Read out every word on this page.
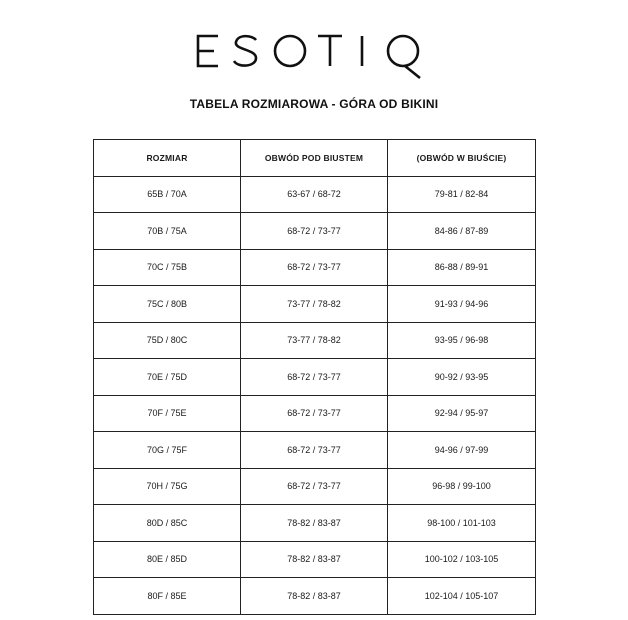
TABELA ROZMIAROWA - GÓRA OD BIKINI
ROZMIAR	OBWÓD POD BIUSTEM	(OBWÓD W BIUŚCIE)
65B / 70A	63-67 / 68-72	79-81 / 82-84
70B / 75A	68-72 / 73-77	84-86 / 87-89
70C / 75B	68-72 / 73-77	86-88 / 89-91
75C / 80B	73-77 / 78-82	91-93 / 94-96
75D / 80C	73-77 / 78-82	93-95 / 96-98
70E / 75D	68-72 / 73-77	90-92 / 93-95
70F / 75E	68-72 / 73-77	92-94 / 95-97
70G / 75F	68-72 / 73-77	94-96 / 97-99
70H / 75G	68-72 / 73-77	96-98 / 99-100
80D / 85C	78-82 / 83-87	98-100 / 101-103
80E / 85D	78-82 / 83-87	100-102 / 103-105
80F / 85E	78-82 / 83-87	102-104 / 105-107
